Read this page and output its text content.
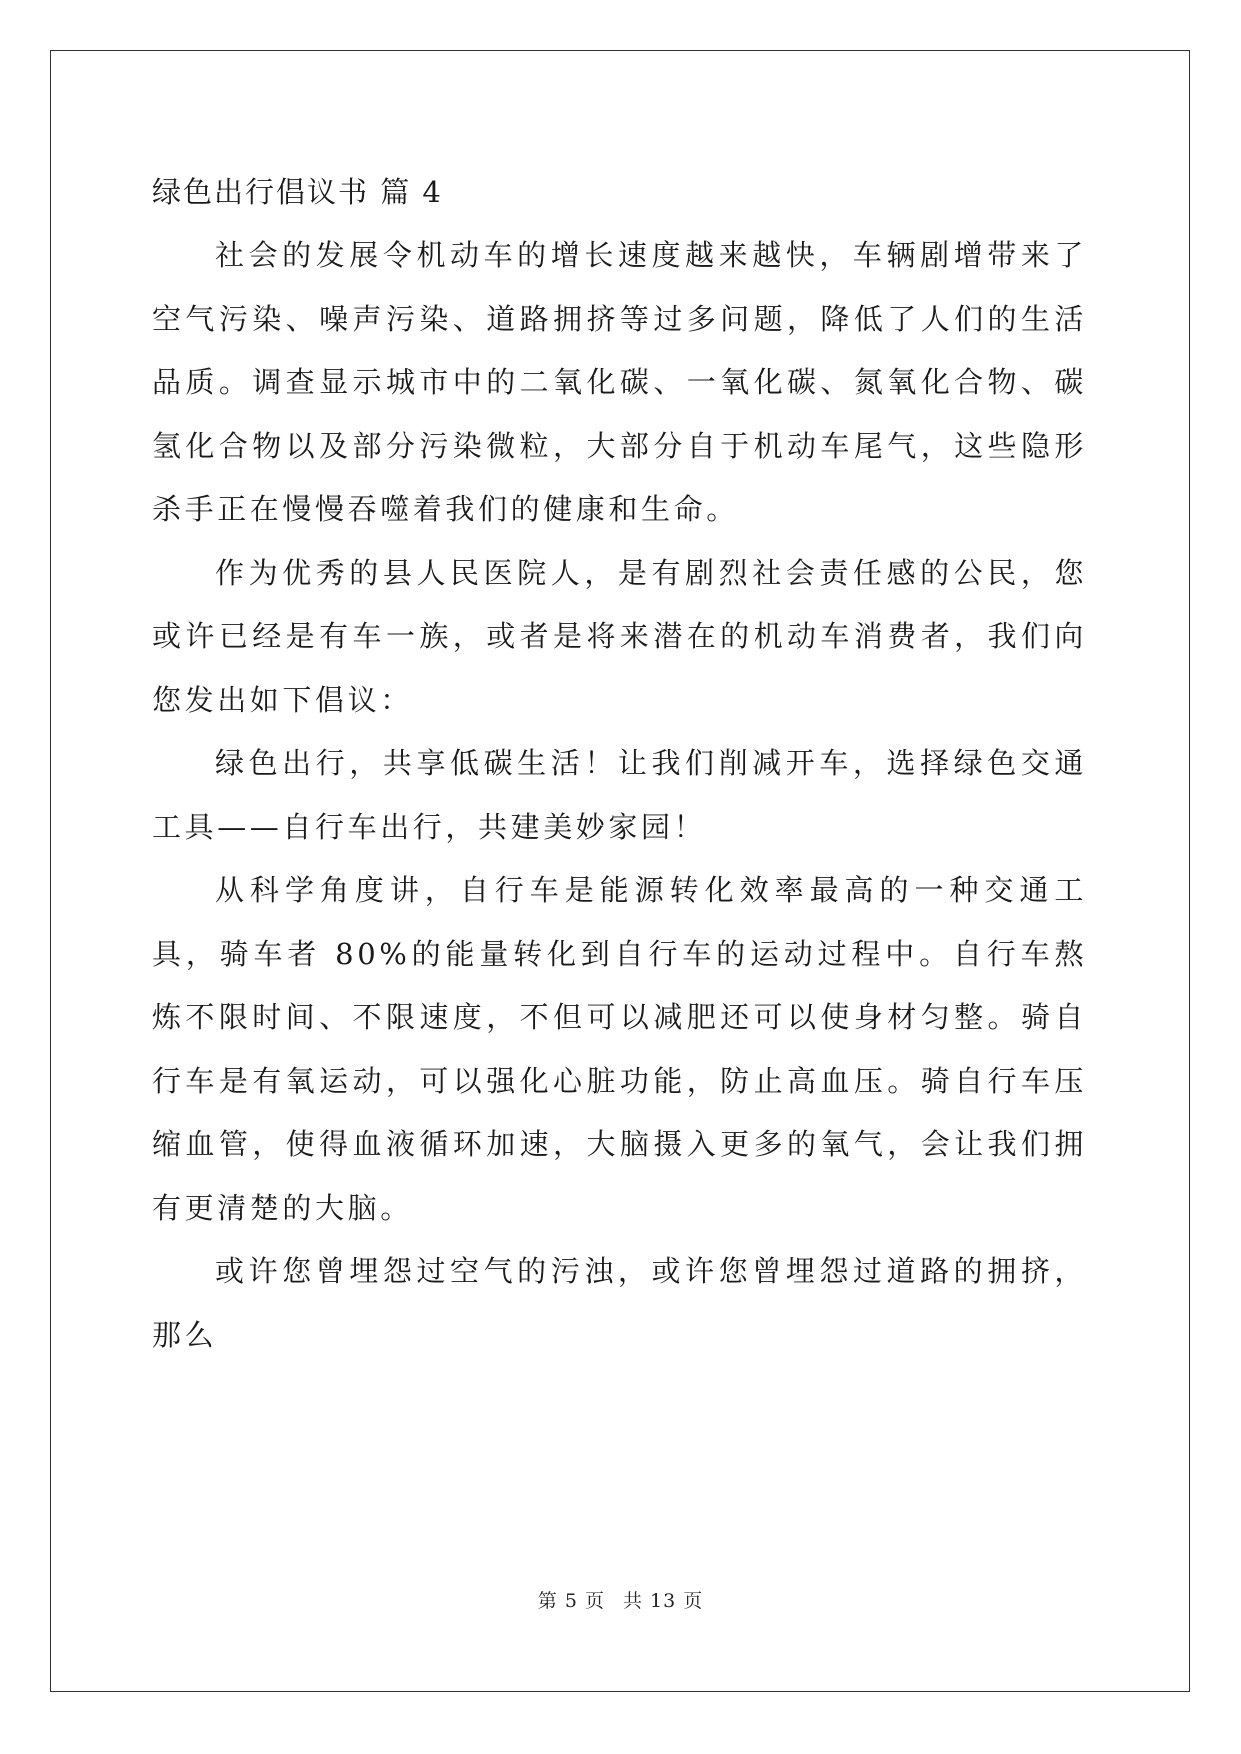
绿色出行倡议书 篇 4

社会的发展令机动车的增长速度越来越快，车辆剧增带来了空气污染、噪声污染、道路拥挤等过多问题，降低了人们的生活品质。调查显示城市中的二氧化碳、一氧化碳、氮氧化合物、碳氢化合物以及部分污染微粒，大部分自于机动车尾气，这些隐形杀手正在慢慢吞噬着我们的健康和生命。

作为优秀的县人民医院人，是有剧烈社会责任感的公民，您或许已经是有车一族，或者是将来潜在的机动车消费者，我们向您发出如下倡议：

绿色出行，共享低碳生活！让我们削减开车，选择绿色交通工具——自行车出行，共建美妙家园！

从科学角度讲，自行车是能源转化效率最高的一种交通工具，骑车者 80%的能量转化到自行车的运动过程中。自行车熬炼不限时间、不限速度，不但可以减肥还可以使身材匀整。骑自行车是有氧运动，可以强化心脏功能，防止高血压。骑自行车压缩血管，使得血液循环加速，大脑摄入更多的氧气，会让我们拥有更清楚的大脑。

或许您曾埋怨过空气的污浊，或许您曾埋怨过道路的拥挤，那么

第 5 页 共 13 页
